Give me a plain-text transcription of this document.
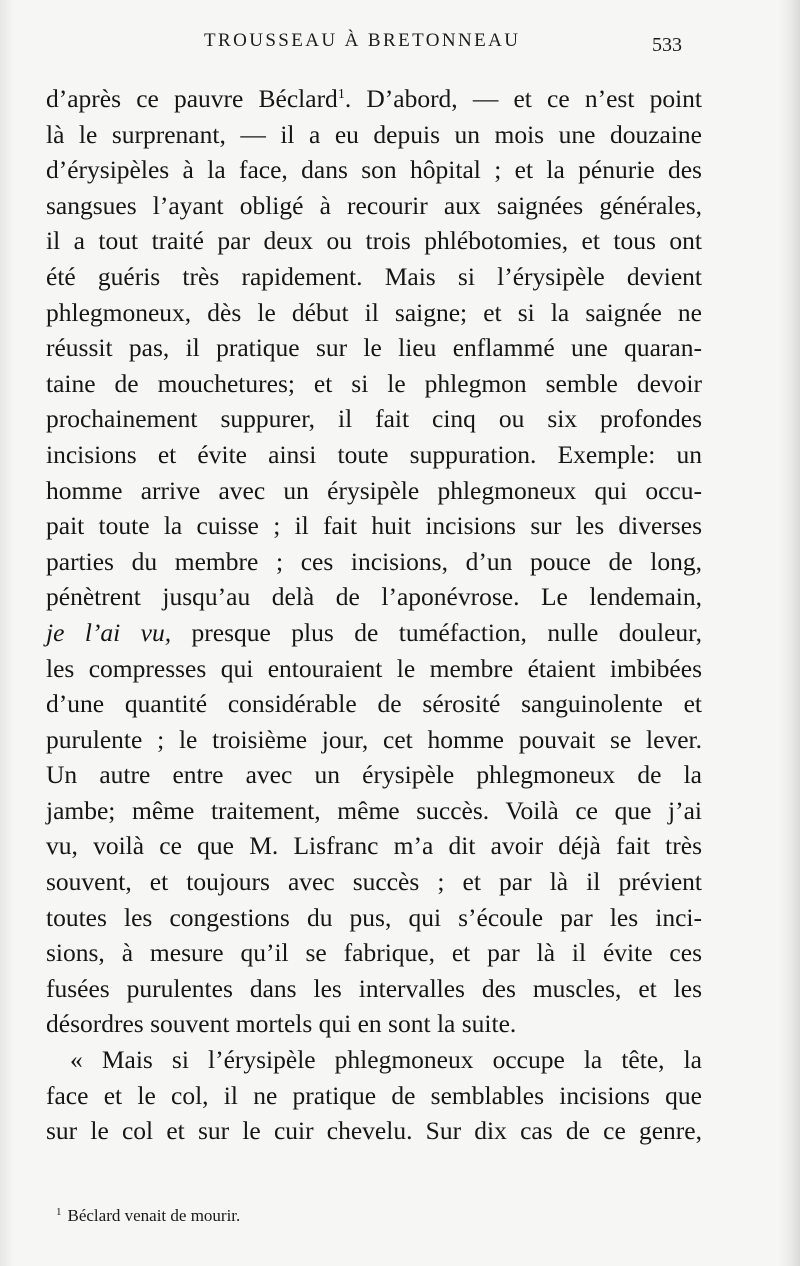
TROUSSEAU À BRETONNEAU	533
d’après ce pauvre Béclard$^1$. D’abord, — et ce n’est point
là le surprenant, — il a eu depuis un mois une douzaine
d’érysipèles à la face, dans son hôpital ; et la pénurie des
sangsues l’ayant obligé à recourir aux saignées générales,
il a tout traité par deux ou trois phlébotomies, et tous ont
été guéris très rapidement. Mais si l’érysipèle devient
phlegmoneux, dès le début il saigne; et si la saignée ne
réussit pas, il pratique sur le lieu enflammé une quaran-
taine de mouchetures; et si le phlegmon semble devoir
prochainement suppurer, il fait cinq ou six profondes
incisions et évite ainsi toute suppuration. Exemple: un
homme arrive avec un érysipèle phlegmoneux qui occu-
pait toute la cuisse ; il fait huit incisions sur les diverses
parties du membre ; ces incisions, d’un pouce de long,
pénètrent jusqu’au delà de l’aponévrose. Le lendemain,
je l’ai vu, presque plus de tuméfaction, nulle douleur,
les compresses qui entouraient le membre étaient imbibées
d’une quantité considérable de sérosité sanguinolente et
purulente ; le troisième jour, cet homme pouvait se lever.
Un autre entre avec un érysipèle phlegmoneux de la
jambe; même traitement, même succès. Voilà ce que j’ai
vu, voilà ce que M. Lisfranc m’a dit avoir déjà fait très
souvent, et toujours avec succès ; et par là il prévient
toutes les congestions du pus, qui s’écoule par les inci-
sions, à mesure qu’il se fabrique, et par là il évite ces
fusées purulentes dans les intervalles des muscles, et les
désordres souvent mortels qui en sont la suite.
« Mais si l’érysipèle phlegmoneux occupe la tête, la
face et le col, il ne pratique de semblables incisions que
sur le col et sur le cuir chevelu. Sur dix cas de ce genre,
$^1$ Béclard venait de mourir.
